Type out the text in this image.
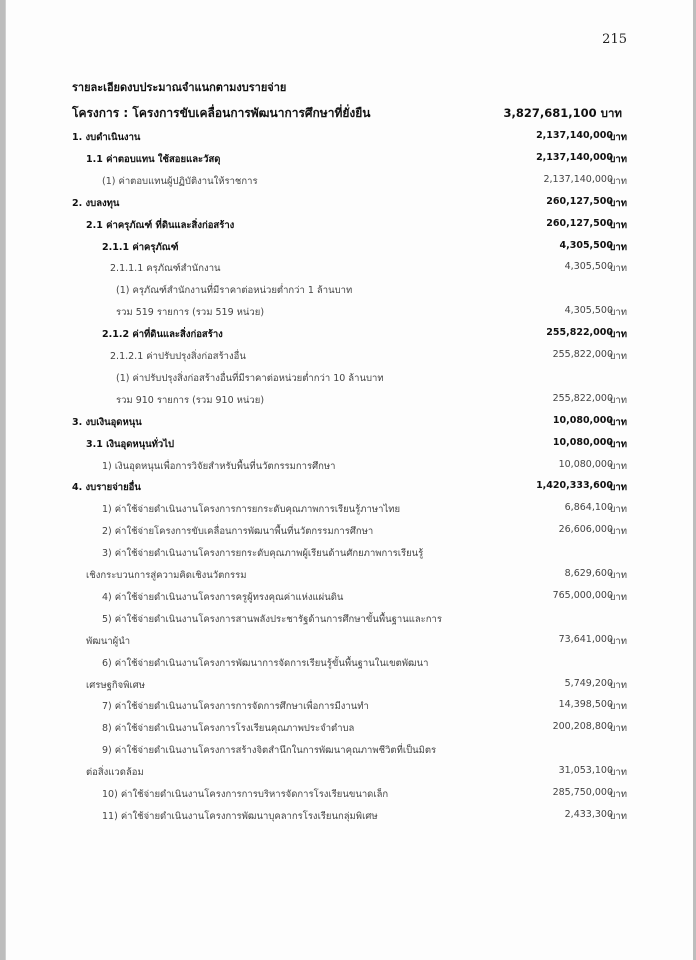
215
รายละเอียดงบประมาณจำแนกตามงบรายจ่าย
โครงการ : โครงการขับเคลื่อนการพัฒนาการศึกษาที่ยั่งยืน	3,827,681,100 บาท
1. งบดำเนินงาน	2,137,140,000
บาท
1.1 ค่าตอบแทน ใช้สอยและวัสดุ	2,137,140,000
บาท
(1) ค่าตอบแทนผู้ปฏิบัติงานให้ราชการ	2,137,140,000
บาท
2. งบลงทุน	260,127,500
บาท
2.1 ค่าครุภัณฑ์ ที่ดินและสิ่งก่อสร้าง	260,127,500
บาท
2.1.1 ค่าครุภัณฑ์	4,305,500
บาท
2.1.1.1 ครุภัณฑ์สำนักงาน	4,305,500
บาท
(1) ครุภัณฑ์สำนักงานที่มีราคาต่อหน่วยต่ำกว่า 1 ล้านบาท
รวม 519 รายการ (รวม 519 หน่วย)	4,305,500
บาท
2.1.2 ค่าที่ดินและสิ่งก่อสร้าง	255,822,000
บาท
2.1.2.1 ค่าปรับปรุงสิ่งก่อสร้างอื่น	255,822,000
บาท
(1) ค่าปรับปรุงสิ่งก่อสร้างอื่นที่มีราคาต่อหน่วยต่ำกว่า 10 ล้านบาท
รวม 910 รายการ (รวม 910 หน่วย)	255,822,000
บาท
3. งบเงินอุดหนุน	10,080,000
บาท
3.1 เงินอุดหนุนทั่วไป	10,080,000
บาท
1) เงินอุดหนุนเพื่อการวิจัยสำหรับพื้นที่นวัตกรรมการศึกษา	10,080,000
บาท
4. งบรายจ่ายอื่น	1,420,333,600
บาท
1) ค่าใช้จ่ายดำเนินงานโครงการการยกระดับคุณภาพการเรียนรู้ภาษาไทย	6,864,100
บาท
2) ค่าใช้จ่ายโครงการขับเคลื่อนการพัฒนาพื้นที่นวัตกรรมการศึกษา	26,606,000
บาท
3) ค่าใช้จ่ายดำเนินงานโครงการยกระดับคุณภาพผู้เรียนด้านศักยภาพการเรียนรู้
เชิงกระบวนการสู่ความคิดเชิงนวัตกรรม	8,629,600
บาท
4) ค่าใช้จ่ายดำเนินงานโครงการครูผู้ทรงคุณค่าแห่งแผ่นดิน	765,000,000
บาท
5) ค่าใช้จ่ายดำเนินงานโครงการสานพลังประชารัฐด้านการศึกษาขั้นพื้นฐานและการ
พัฒนาผู้นำ	73,641,000
บาท
6) ค่าใช้จ่ายดำเนินงานโครงการพัฒนาการจัดการเรียนรู้ขั้นพื้นฐานในเขตพัฒนา
เศรษฐกิจพิเศษ	5,749,200
บาท
7) ค่าใช้จ่ายดำเนินงานโครงการการจัดการศึกษาเพื่อการมีงานทำ	14,398,500
บาท
8) ค่าใช้จ่ายดำเนินงานโครงการโรงเรียนคุณภาพประจำตำบล	200,208,800
บาท
9) ค่าใช้จ่ายดำเนินงานโครงการสร้างจิตสำนึกในการพัฒนาคุณภาพชีวิตที่เป็นมิตร
ต่อสิ่งแวดล้อม	31,053,100
บาท
10) ค่าใช้จ่ายดำเนินงานโครงการการบริหารจัดการโรงเรียนขนาดเล็ก	285,750,000
บาท
11) ค่าใช้จ่ายดำเนินงานโครงการพัฒนาบุคลากรโรงเรียนกลุ่มพิเศษ	2,433,300
บาท
